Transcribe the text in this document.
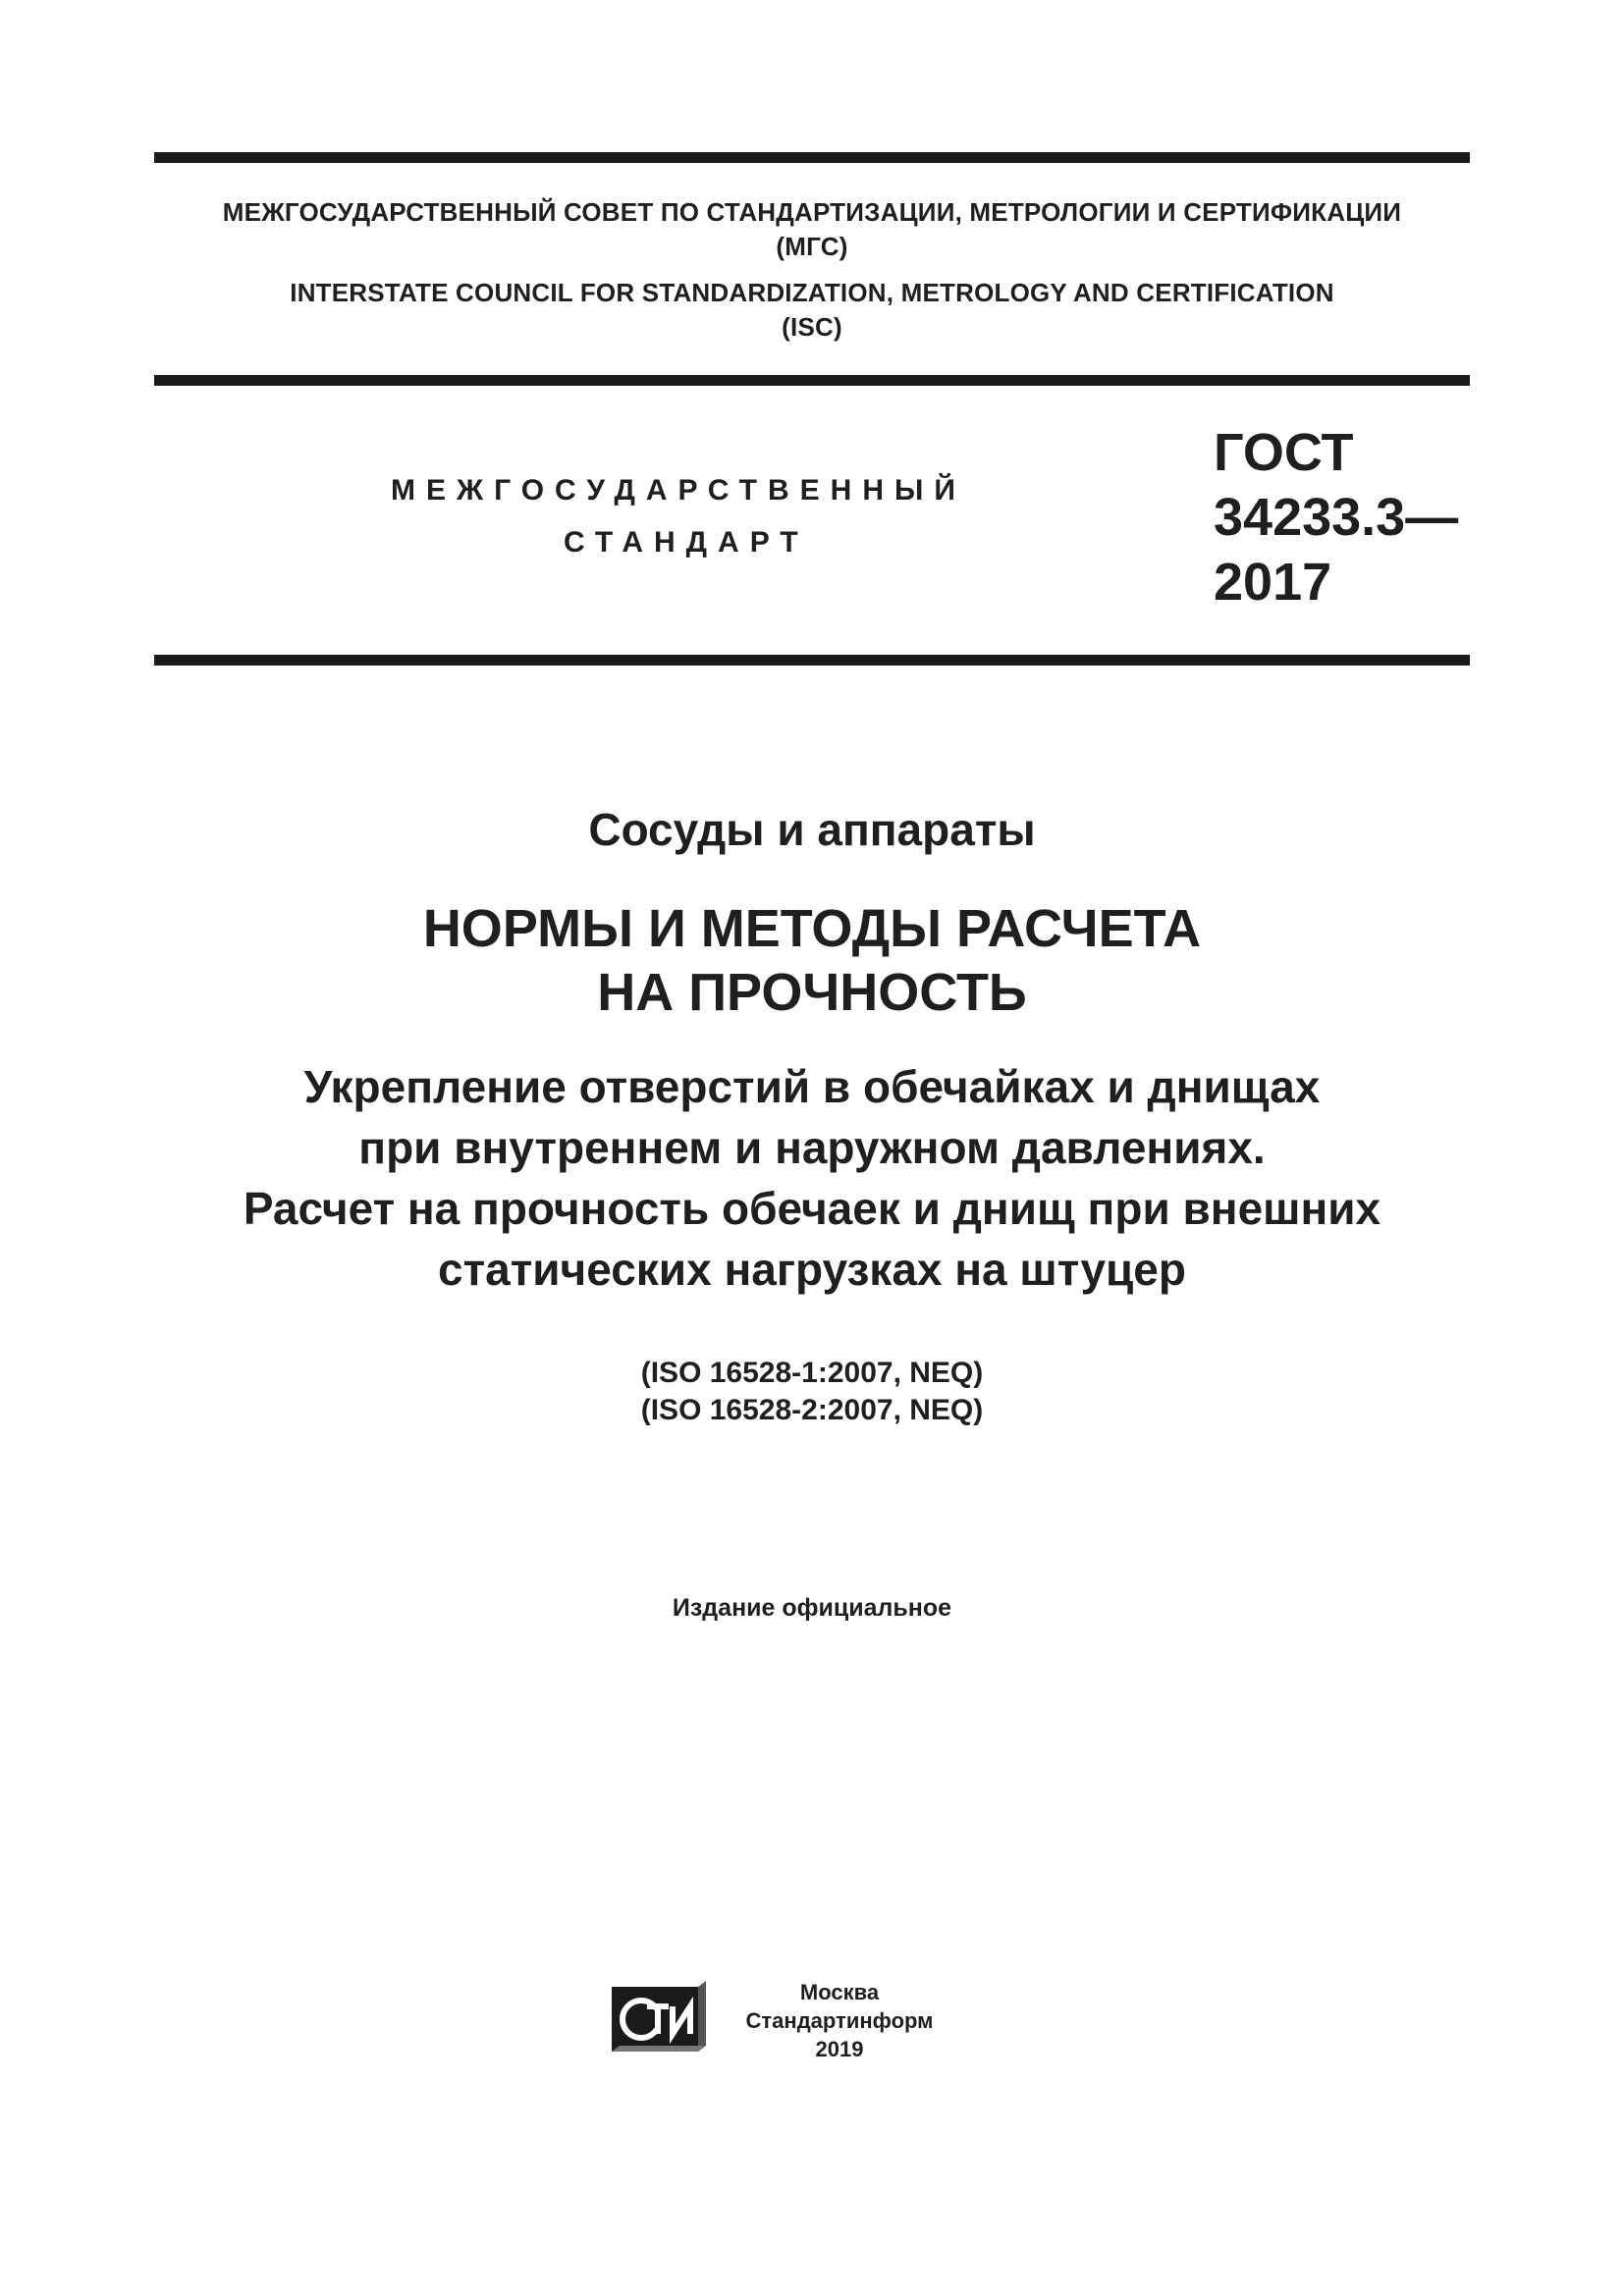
МЕЖГОСУДАРСТВЕННЫЙ СОВЕТ ПО СТАНДАРТИЗАЦИИ, МЕТРОЛОГИИ И СЕРТИФИКАЦИИ
(МГС)
INTERSTATE COUNCIL FOR STANDARDIZATION, METROLOGY AND CERTIFICATION
(ISC)
МЕЖГОСУДАРСТВЕННЫЙ
СТАНДАРТ
ГОСТ
34233.3—
2017
Сосуды и аппараты
НОРМЫ И МЕТОДЫ РАСЧЕТА
НА ПРОЧНОСТЬ
Укрепление отверстий в обечайках и днищах
при внутреннем и наружном давлениях.
Расчет на прочность обечаек и днищ при внешних
статических нагрузках на штуцер
(ISO 16528-1:2007, NEQ)
(ISO 16528-2:2007, NEQ)
Издание официальное
Москва
Стандартинформ
2019
